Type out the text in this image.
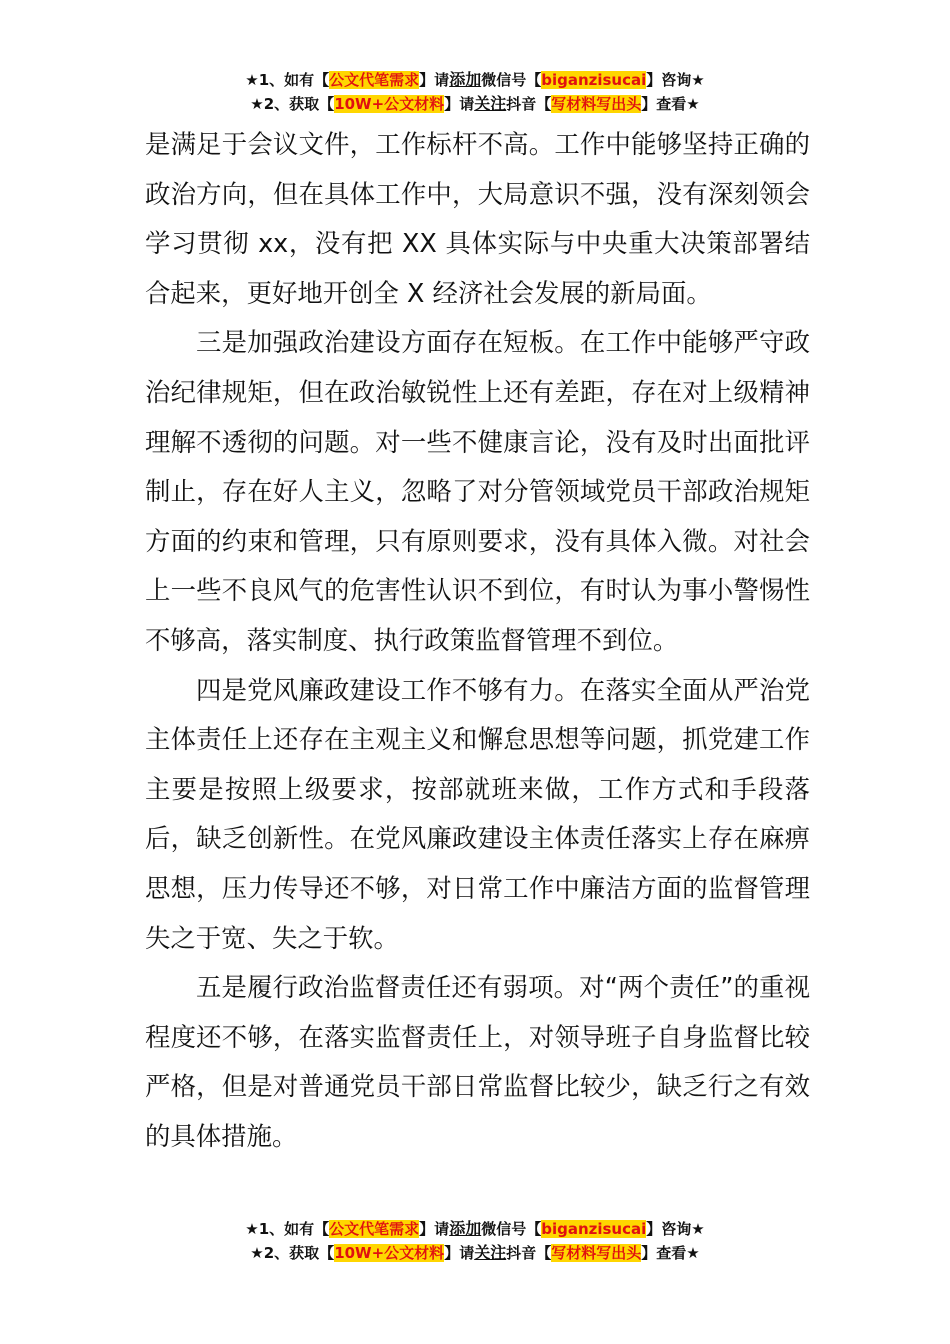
★1、如有【公文代笔需求】请添加微信号【biganzisucai】咨询★
★2、获取【10W+公文材料】请关注抖音【写材料写出头】查看★

是满足于会议文件，工作标杆不高。工作中能够坚持正确的政治方向，但在具体工作中，大局意识不强，没有深刻领会学习贯彻 xx，没有把 XX 具体实际与中央重大决策部署结合起来，更好地开创全 X 经济社会发展的新局面。

三是加强政治建设方面存在短板。在工作中能够严守政治纪律规矩，但在政治敏锐性上还有差距，存在对上级精神理解不透彻的问题。对一些不健康言论，没有及时出面批评制止，存在好人主义，忽略了对分管领域党员干部政治规矩方面的约束和管理，只有原则要求，没有具体入微。对社会上一些不良风气的危害性认识不到位，有时认为事小警惕性不够高，落实制度、执行政策监督管理不到位。

四是党风廉政建设工作不够有力。在落实全面从严治党主体责任上还存在主观主义和懈怠思想等问题，抓党建工作主要是按照上级要求，按部就班来做，工作方式和手段落后，缺乏创新性。在党风廉政建设主体责任落实上存在麻痹思想，压力传导还不够，对日常工作中廉洁方面的监督管理失之于宽、失之于软。

五是履行政治监督责任还有弱项。对“两个责任”的重视程度还不够，在落实监督责任上，对领导班子自身监督比较严格，但是对普通党员干部日常监督比较少，缺乏行之有效的具体措施。

★1、如有【公文代笔需求】请添加微信号【biganzisucai】咨询★
★2、获取【10W+公文材料】请关注抖音【写材料写出头】查看★
